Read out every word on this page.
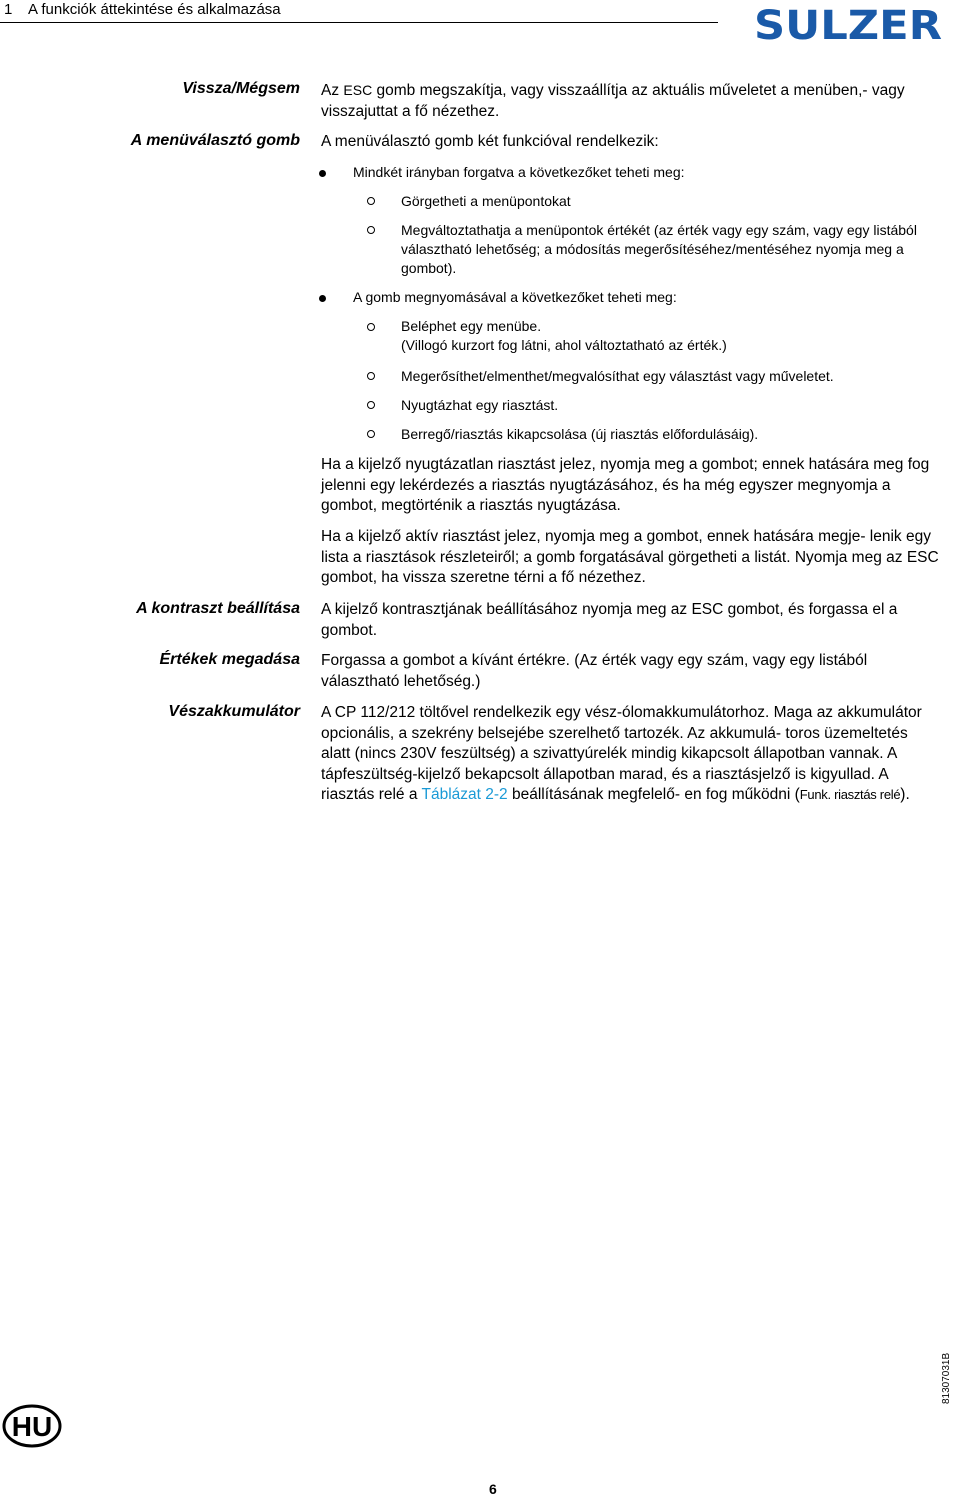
1 A funkciók áttekintése és alkalmazása	SULZER
Vissza/Mégsem Az ESC gomb megszakítja, vagy visszaállítja az aktuális műveletet a menüben,- vagy visszajuttat a fő nézethez.
A menüválasztó gomb A menüválasztó gomb két funkcióval rendelkezik:
Mindkét irányban forgatva a következőket teheti meg:
Görgetheti a menüpontokat
Megváltoztathatja a menüpontok értékét (az érték vagy egy szám, vagy egy listából választható lehetőség; a módosítás megerősítéséhez/mentéséhez nyomja meg a gombot).
A gomb megnyomásával a következőket teheti meg:
Beléphet egy menübe.
(Villogó kurzort fog látni, ahol változtatható az érték.)
Megerősíthet/elmenthet/megvalósíthat egy választást vagy műveletet.
Nyugtázhat egy riasztást.
Berregő/riasztás kikapcsolása (új riasztás előfordulásáig).
Ha a kijelző nyugtázatlan riasztást jelez, nyomja meg a gombot; ennek hatására meg fog jelenni egy lekérdezés a riasztás nyugtázásához, és ha még egyszer megnyomja a gombot, megtörténik a riasztás nyugtázása.
Ha a kijelző aktív riasztást jelez, nyomja meg a gombot, ennek hatására megje- lenik egy lista a riasztások részleteiről; a gomb forgatásával görgetheti a listát. Nyomja meg az ESC gombot, ha vissza szeretne térni a fő nézethez.
A kontraszt beállítása A kijelző kontrasztjának beállításához nyomja meg az ESC gombot, és forgassa el a gombot.
Értékek megadása Forgassa a gombot a kívánt értékre. (Az érték vagy egy szám, vagy egy listából választható lehetőség.)
Vészakkumulátor A CP 112/212 töltővel rendelkezik egy vész-ólomakkumulátorhoz. Maga az akkumulátor opcionális, a szekrény belsejébe szerelhető tartozék. Az akkumulá- toros üzemeltetés alatt (nincs 230V feszültség) a szivattyúrelék mindig kikapcsolt állapotban vannak. A tápfeszültség-kijelző bekapcsolt állapotban marad, és a riasztásjelző is kigyullad. A riasztás relé a Táblázat 2-2 beállításának megfelelő- en fog működni (Funk. riasztás relé).
HU
81307031B
6
